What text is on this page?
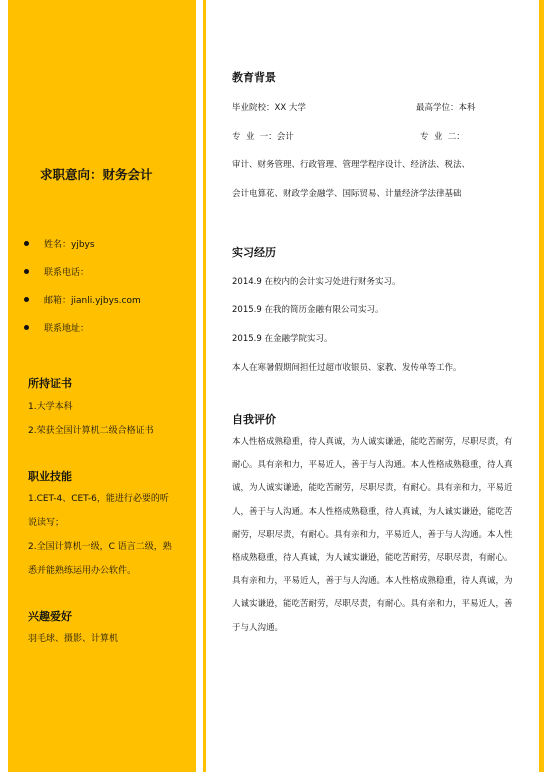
求职意向：财务会计
姓名：yjbys
联系电话：
邮箱：jianli.yjbys.com
联系地址：
所持证书
1.大学本科
2.荣获全国计算机二级合格证书
职业技能
1.CET-4、CET-6，能进行必要的听
说读写；
2.全国计算机一级，C 语言二级，熟
悉并能熟练运用办公软件。
兴趣爱好
羽毛球、摄影、计算机
教育背景
毕业院校：XX 大学	最高学位：本科
专  业  一：会计	专  业  二：
审计、财务管理、行政管理、管理学程序设计、经济法、税法、
会计电算花、财政学金融学、国际贸易、计量经济学法律基础
实习经历
2014.9 在校内的会计实习处进行财务实习。
2015.9 在我的简历金融有限公司实习。
2015.9 在金融学院实习。
本人在寒暑假期间担任过超市收银员、家教、发传单等工作。
自我评价
本人性格成熟稳重，待人真诚，为人诚实谦逊，能吃苦耐劳，尽职尽责，有耐心。具有亲和力，平易近人，善于与人沟通。本人性格成熟稳重，待人真诚，为人诚实谦逊，能吃苦耐劳，尽职尽责，有耐心。具有亲和力，平易近人，善于与人沟通。本人性格成熟稳重，待人真诚，为人诚实谦逊，能吃苦耐劳，尽职尽责，有耐心。具有亲和力，平易近人，善于与人沟通。本人性格成熟稳重，待人真诚，为人诚实谦逊，能吃苦耐劳，尽职尽责，有耐心。具有亲和力，平易近人，善于与人沟通。本人性格成熟稳重，待人真诚，为人诚实谦逊，能吃苦耐劳，尽职尽责，有耐心。具有亲和力，平易近人，善于与人沟通。
